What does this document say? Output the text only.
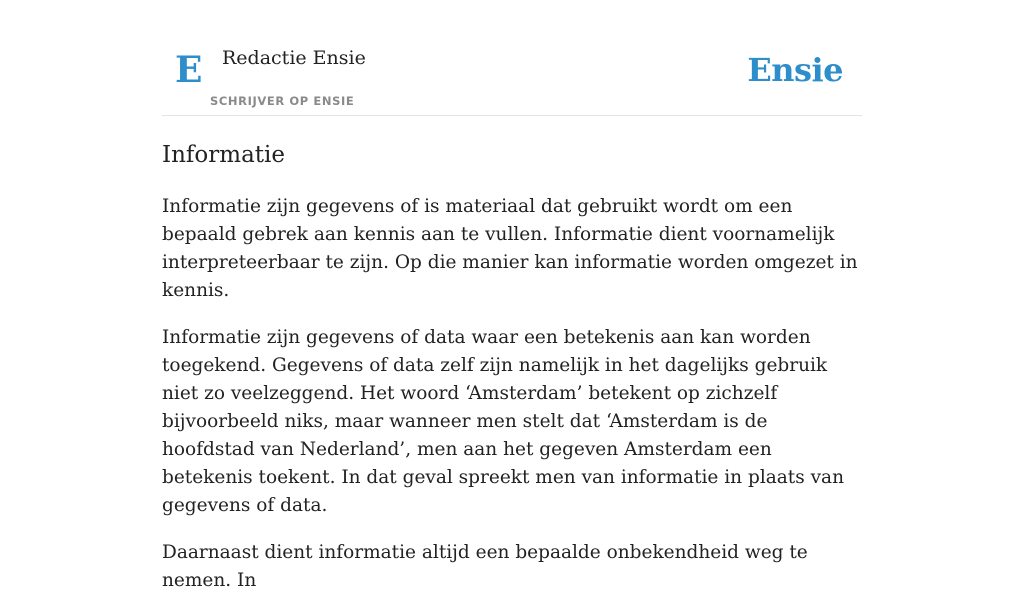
E Redactie Ensie
SCHRIJVER OP ENSIE
Ensie
Informatie

Informatie zijn gegevens of is materiaal dat gebruikt wordt om een bepaald gebrek aan kennis aan te vullen. Informatie dient voornamelijk interpreteerbaar te zijn. Op die manier kan informatie worden omgezet in kennis.

Informatie zijn gegevens of data waar een betekenis aan kan worden toegekend. Gegevens of data zelf zijn namelijk in het dagelijks gebruik niet zo veelzeggend. Het woord ‘Amsterdam’ betekent op zichzelf bijvoorbeeld niks, maar wanneer men stelt dat ‘Amsterdam is de hoofdstad van Nederland’, men aan het gegeven Amsterdam een betekenis toekent. In dat geval spreekt men van informatie in plaats van gegevens of data.

Daarnaast dient informatie altijd een bepaalde onbekendheid weg te nemen. In
